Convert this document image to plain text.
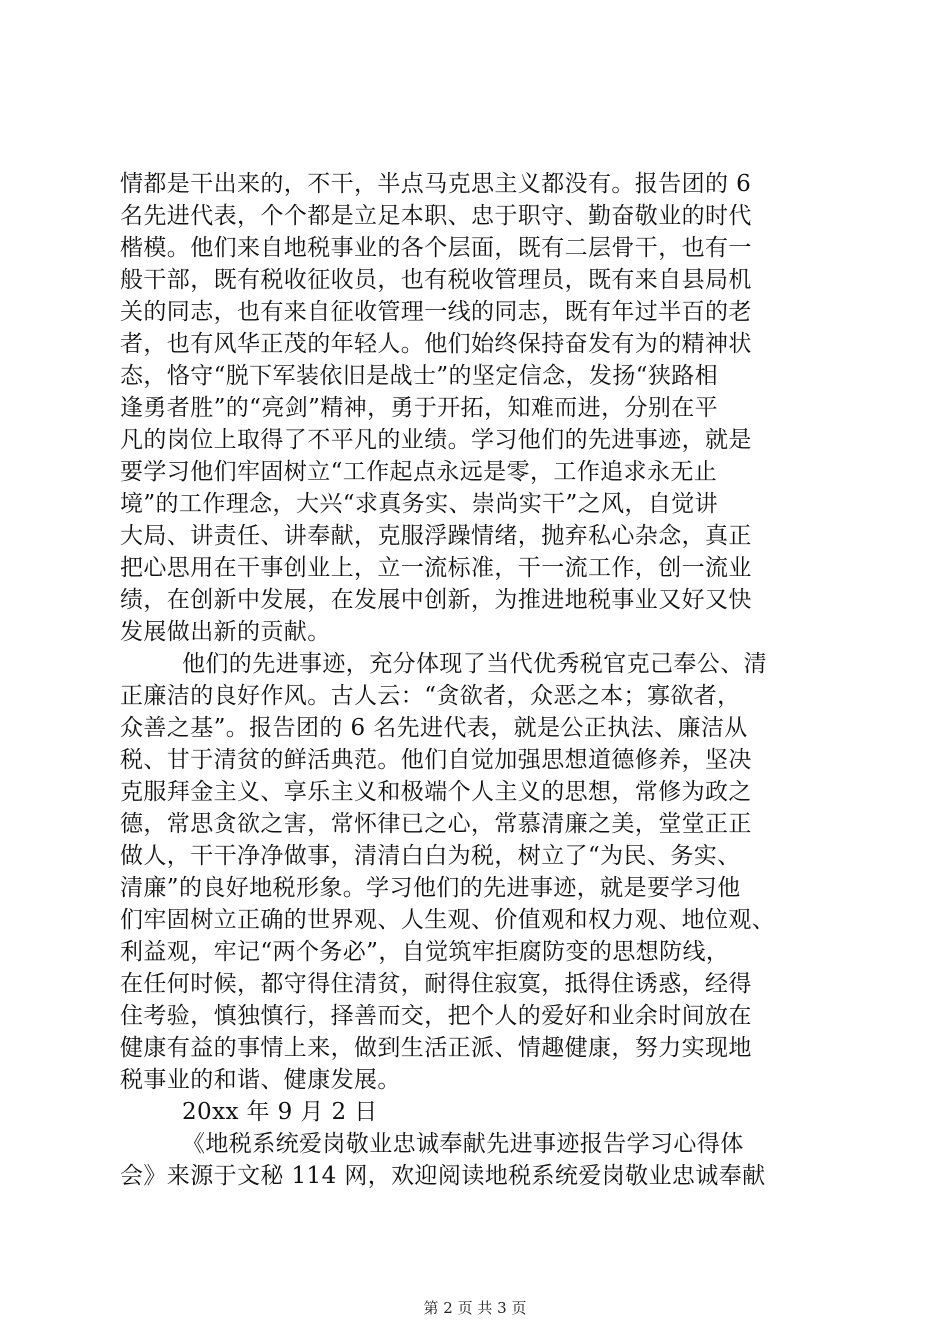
情都是干出来的，不干，半点马克思主义都没有。报告团的 6
名先进代表，个个都是立足本职、忠于职守、勤奋敬业的时代
楷模。他们来自地税事业的各个层面，既有二层骨干，也有一
般干部，既有税收征收员，也有税收管理员，既有来自县局机
关的同志，也有来自征收管理一线的同志，既有年过半百的老
者，也有风华正茂的年轻人。他们始终保持奋发有为的精神状
态，恪守“脱下军装依旧是战士”的坚定信念，发扬“狭路相
逢勇者胜”的“亮剑”精神，勇于开拓，知难而进，分别在平
凡的岗位上取得了不平凡的业绩。学习他们的先进事迹，就是
要学习他们牢固树立“工作起点永远是零，工作追求永无止
境”的工作理念，大兴“求真务实、崇尚实干”之风，自觉讲
大局、讲责任、讲奉献，克服浮躁情绪，抛弃私心杂念，真正
把心思用在干事创业上，立一流标准，干一流工作，创一流业
绩，在创新中发展，在发展中创新，为推进地税事业又好又快
发展做出新的贡献。
他们的先进事迹，充分体现了当代优秀税官克己奉公、清
正廉洁的良好作风。古人云：“贪欲者，众恶之本；寡欲者，
众善之基”。报告团的 6 名先进代表，就是公正执法、廉洁从
税、甘于清贫的鲜活典范。他们自觉加强思想道德修养，坚决
克服拜金主义、享乐主义和极端个人主义的思想，常修为政之
德，常思贪欲之害，常怀律已之心，常慕清廉之美，堂堂正正
做人，干干净净做事，清清白白为税，树立了“为民、务实、
清廉”的良好地税形象。学习他们的先进事迹，就是要学习他
们牢固树立正确的世界观、人生观、价值观和权力观、地位观、
利益观，牢记“两个务必”，自觉筑牢拒腐防变的思想防线，
在任何时候，都守得住清贫，耐得住寂寞，抵得住诱惑，经得
住考验，慎独慎行，择善而交，把个人的爱好和业余时间放在
健康有益的事情上来，做到生活正派、情趣健康，努力实现地
税事业的和谐、健康发展。
20xx 年 9 月 2 日
《地税系统爱岗敬业忠诚奉献先进事迹报告学习心得体
会》来源于文秘 114 网，欢迎阅读地税系统爱岗敬业忠诚奉献
第 2 页 共 3 页
